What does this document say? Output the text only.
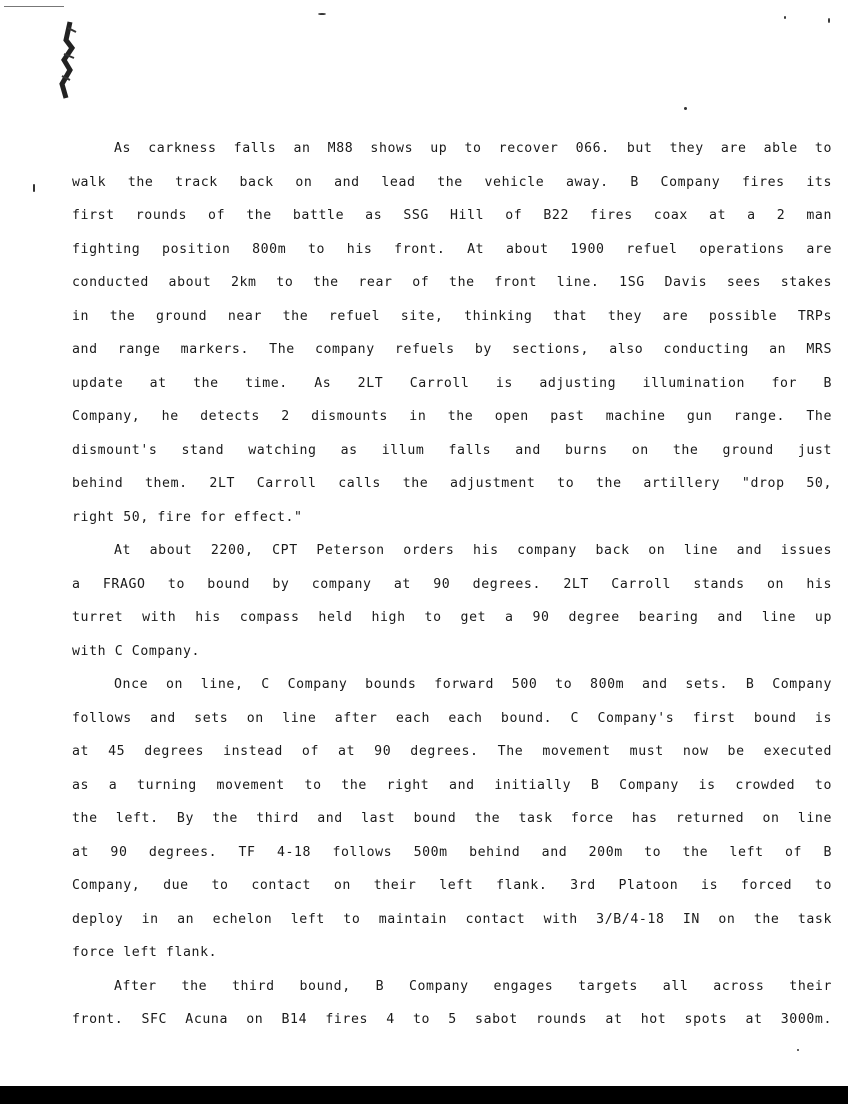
As carkness falls an M88 shows up to recover 066. but they are able to
walk the track back on and lead the vehicle away. B Company fires its
first rounds of the battle as SSG Hill of B22 fires coax at a 2 man
fighting position 800m to his front. At about 1900 refuel operations are
conducted about 2km to the rear of the front line. 1SG Davis sees stakes
in the ground near the refuel site, thinking that they are possible TRPs
and range markers. The company refuels by sections, also conducting an MRS
update at the time. As 2LT Carroll is adjusting illumination for B
Company, he detects 2 dismounts in the open past machine gun range. The
dismount's stand watching as illum falls and burns on the ground just
behind them. 2LT Carroll calls the adjustment to the artillery "drop 50,
right 50, fire for effect."
At about 2200, CPT Peterson orders his company back on line and issues
a FRAGO to bound by company at 90 degrees. 2LT Carroll stands on his
turret with his compass held high to get a 90 degree bearing and line up
with C Company.
Once on line, C Company bounds forward 500 to 800m and sets. B Company
follows and sets on line after each each bound. C Company's first bound is
at 45 degrees instead of at 90 degrees. The movement must now be executed
as a turning movement to the right and initially B Company is crowded to
the left. By the third and last bound the task force has returned on line
at 90 degrees. TF 4-18 follows 500m behind and 200m to the left of B
Company, due to contact on their left flank. 3rd Platoon is forced to
deploy in an echelon left to maintain contact with 3/B/4-18 IN on the task
force left flank.
After the third bound, B Company engages targets all across their
front. SFC Acuna on B14 fires 4 to 5 sabot rounds at hot spots at 3000m.
